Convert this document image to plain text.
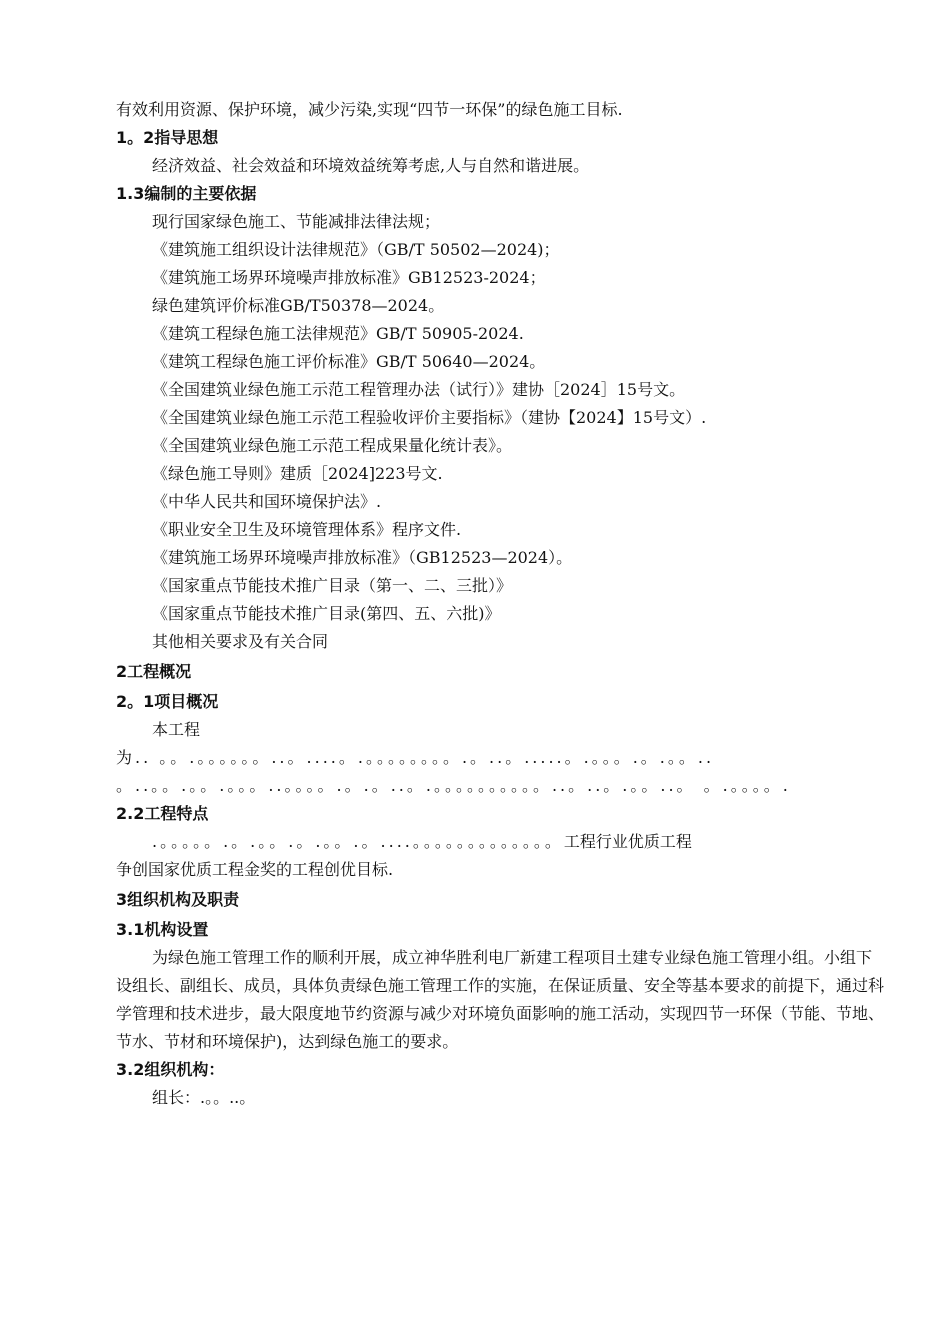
有效利用资源、保护环境，减少污染,实现“四节一环保”的绿色施工目标.

1。2指导思想

经济效益、社会效益和环境效益统筹考虑,人与自然和谐进展。

1.3编制的主要依据

现行国家绿色施工、节能减排法律法规；

《建筑施工组织设计法律规范》（GB/T 50502—2024)；

《建筑施工场界环境噪声排放标准》GB12523-2024；

绿色建筑评价标准GB/T50378—2024。

《建筑工程绿色施工法律规范》GB/T 50905-2024.

《建筑工程绿色施工评价标准》GB/T 50640—2024。

《全国建筑业绿色施工示范工程管理办法（试行）》建协［2024］15号文。

《全国建筑业绿色施工示范工程验收评价主要指标》（建协【2024】15号文）.

《全国建筑业绿色施工示范工程成果量化统计表》。

《绿色施工导则》建质［2024]223号文.

《中华人民共和国环境保护法》.

《职业安全卫生及环境管理体系》程序文件.

《建筑施工场界环境噪声排放标准》（GB12523—2024）。

《国家重点节能技术推广目录（第一、二、三批）》

《国家重点节能技术推广目录(第四、五、六批)》

其他相关要求及有关合同

2工程概况

2。1项目概况

本工程

为.. 。。.。。。。。。..。....。.。。。。。。。。.。..。.....。.。。。.。.。。.. 。..。。.。。.。。。..。。。。.。.。..。.。。。。。。。。。。..。..。.。。..。 。.。。。。.

2.2工程特点

.。。。。。.。.。。.。.。。.。....。。。。。。。。。。。。。工程行业优质工程

争创国家优质工程金奖的工程创优目标.

3组织机构及职责

3.1机构设置

为绿色施工管理工作的顺利开展，成立神华胜利电厂新建工程项目土建专业绿色施工管理小组。小组下设组长、副组长、成员，具体负责绿色施工管理工作的实施，在保证质量、安全等基本要求的前提下，通过科学管理和技术进步，最大限度地节约资源与减少对环境负面影响的施工活动，实现四节一环保（节能、节地、节水、节材和环境保护)，达到绿色施工的要求。

3.2组织机构：

组长：.。。..。
